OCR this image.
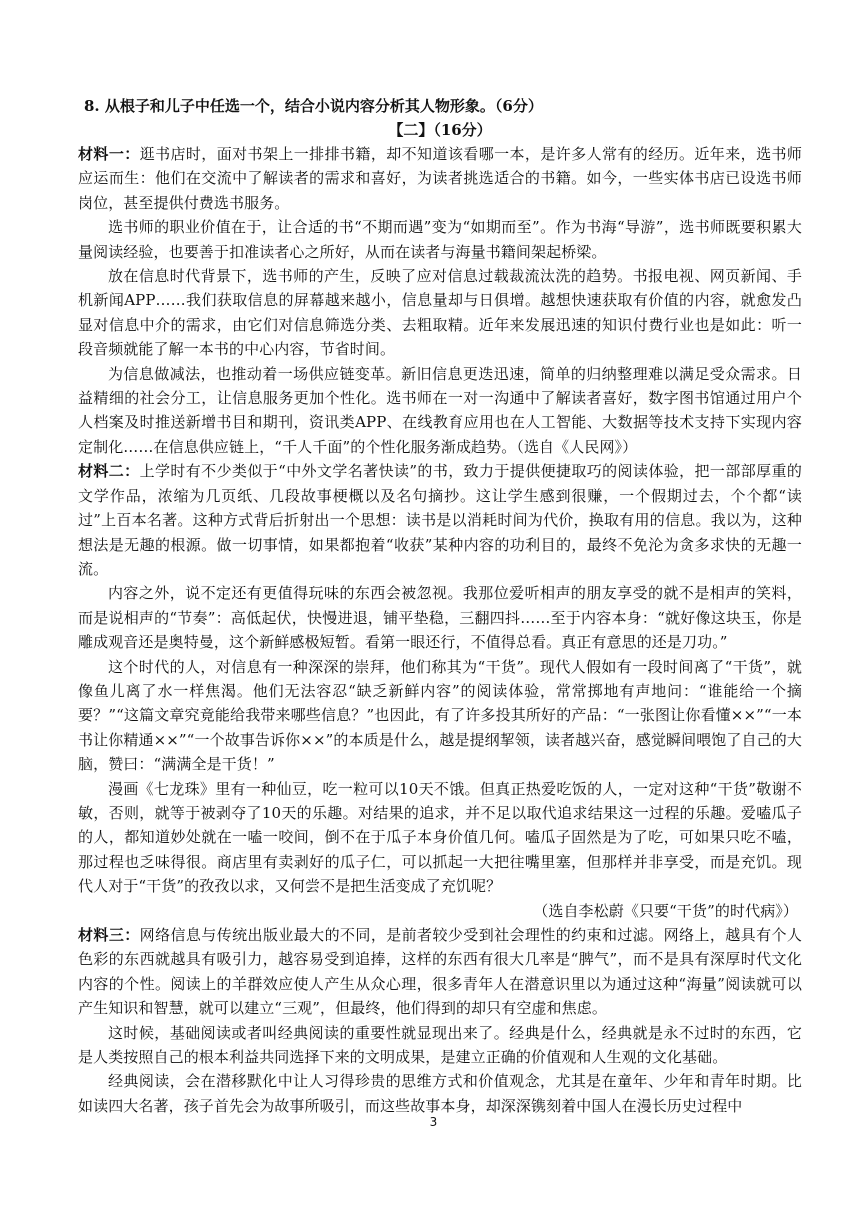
8. 从根子和儿子中任选一个，结合小说内容分析其人物形象。（6分）
【二】（16分）

材料一：逛书店时，面对书架上一排排书籍，却不知道该看哪一本，是许多人常有的经历。近年来，选书师应运而生：他们在交流中了解读者的需求和喜好，为读者挑选适合的书籍。如今，一些实体书店已设选书师岗位，甚至提供付费选书服务。

选书师的职业价值在于，让合适的书“不期而遇”变为“如期而至”。作为书海“导游”，选书师既要积累大量阅读经验，也要善于扣准读者心之所好，从而在读者与海量书籍间架起桥梁。

放在信息时代背景下，选书师的产生，反映了应对信息过载裁流汰洗的趋势。书报电视、网页新闻、手机新闻APP……我们获取信息的屏幕越来越小，信息量却与日俱增。越想快速获取有价值的内容，就愈发凸显对信息中介的需求，由它们对信息筛选分类、去粗取精。近年来发展迅速的知识付费行业也是如此：听一段音频就能了解一本书的中心内容，节省时间。

为信息做减法，也推动着一场供应链变革。新旧信息更迭迅速，简单的归纳整理难以满足受众需求。日益精细的社会分工，让信息服务更加个性化。选书师在一对一沟通中了解读者喜好，数字图书馆通过用户个人档案及时推送新增书目和期刊，资讯类APP、在线教育应用也在人工智能、大数据等技术支持下实现内容定制化……在信息供应链上，“千人千面”的个性化服务渐成趋势。（选自《人民网》）

材料二：上学时有不少类似于“中外文学名著快读”的书，致力于提供便捷取巧的阅读体验，把一部部厚重的文学作品，浓缩为几页纸、几段故事梗概以及名句摘抄。这让学生感到很赚，一个假期过去，个个都“读过”上百本名著。这种方式背后折射出一个思想：读书是以消耗时间为代价，换取有用的信息。我以为，这种想法是无趣的根源。做一切事情，如果都抱着“收获”某种内容的功利目的，最终不免沦为贪多求快的无趣一流。

内容之外，说不定还有更值得玩味的东西会被忽视。我那位爱听相声的朋友享受的就不是相声的笑料，而是说相声的“节奏”：高低起伏，快慢进退，铺平垫稳，三翻四抖……至于内容本身：“就好像这块玉，你是雕成观音还是奥特曼，这个新鲜感极短暂。看第一眼还行，不值得总看。真正有意思的还是刀功。”

这个时代的人，对信息有一种深深的崇拜，他们称其为“干货”。现代人假如有一段时间离了“干货”，就像鱼儿离了水一样焦渴。他们无法容忍“缺乏新鲜内容”的阅读体验，常常掷地有声地问：“谁能给一个摘要？”“这篇文章究竟能给我带来哪些信息？”也因此，有了许多投其所好的产品：“一张图让你看懂××”“一本书让你精通××”“一个故事告诉你××”的本质是什么，越是提纲挈领，读者越兴奋，感觉瞬间喂饱了自己的大脑，赞曰：“满满全是干货！”

漫画《七龙珠》里有一种仙豆，吃一粒可以10天不饿。但真正热爱吃饭的人，一定对这种“干货”敬谢不敏，否则，就等于被剥夺了10天的乐趣。对结果的追求，并不足以取代追求结果这一过程的乐趣。爱嗑瓜子的人，都知道妙处就在一嗑一咬间，倒不在于瓜子本身价值几何。嗑瓜子固然是为了吃，可如果只吃不嗑，那过程也乏味得很。商店里有卖剥好的瓜子仁，可以抓起一大把往嘴里塞，但那样并非享受，而是充饥。现代人对于“干货”的孜孜以求，又何尝不是把生活变成了充饥呢？

（选自李松蔚《只要“干货”的时代病》）

材料三：网络信息与传统出版业最大的不同，是前者较少受到社会理性的约束和过滤。网络上，越具有个人色彩的东西就越具有吸引力，越容易受到追捧，这样的东西有很大几率是“脾气”，而不是具有深厚时代文化内容的个性。阅读上的羊群效应使人产生从众心理，很多青年人在潜意识里以为通过这种“海量”阅读就可以产生知识和智慧，就可以建立“三观”，但最终，他们得到的却只有空虚和焦虑。

这时候，基础阅读或者叫经典阅读的重要性就显现出来了。经典是什么，经典就是永不过时的东西，它是人类按照自己的根本利益共同选择下来的文明成果，是建立正确的价值观和人生观的文化基础。

经典阅读，会在潜移默化中让人习得珍贵的思维方式和价值观念，尤其是在童年、少年和青年时期。比如读四大名著，孩子首先会为故事所吸引，而这些故事本身，却深深镌刻着中国人在漫长历史过程中

3
